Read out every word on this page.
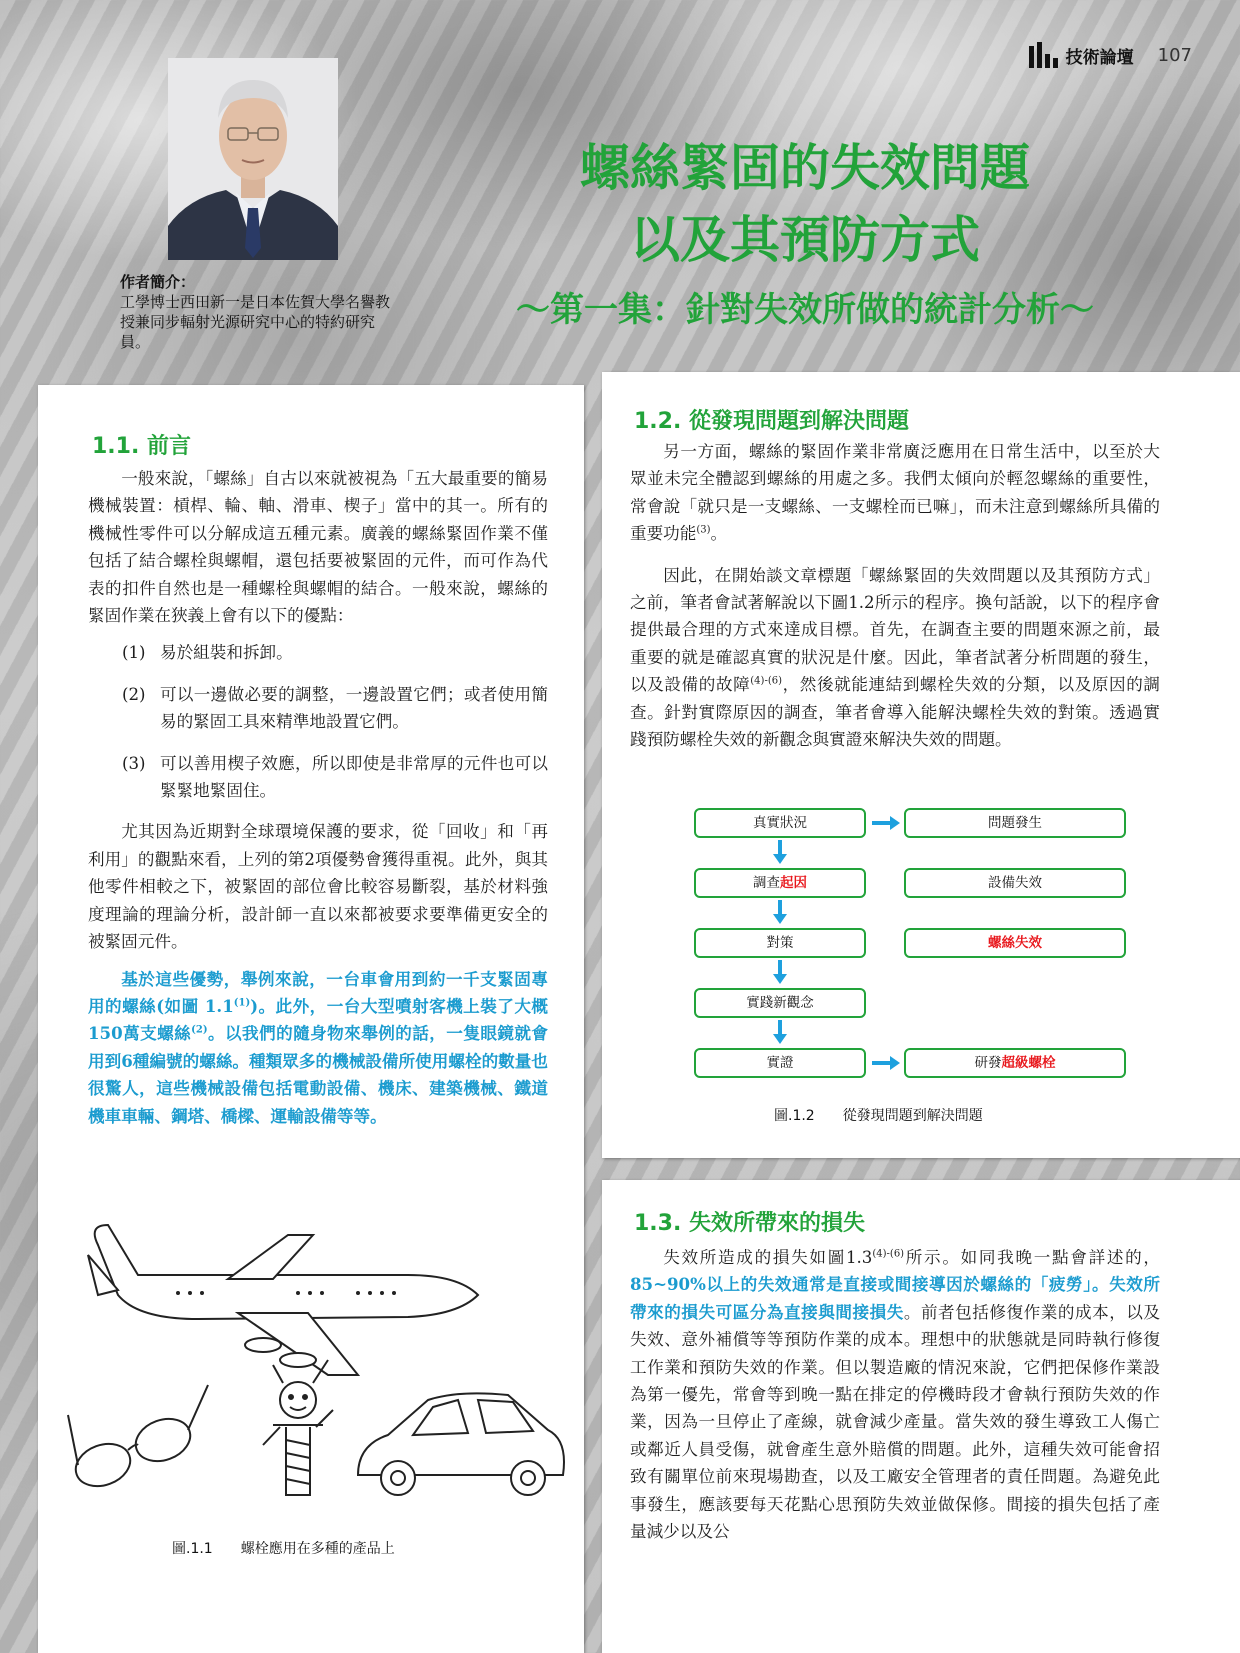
技術論壇 107
作者簡介：
工學博士西田新一是日本佐賀大學名譽教授兼同步輻射光源研究中心的特約研究員。
螺絲緊固的失效問題
以及其預防方式
～第一集：針對失效所做的統計分析～
1.1. 前言

一般來說，「螺絲」自古以來就被視為「五大最重要的簡易機械裝置：槓桿、輪、軸、滑車、楔子」當中的其一。所有的機械性零件可以分解成這五種元素。廣義的螺絲緊固作業不僅包括了結合螺栓與螺帽，還包括要被緊固的元件，而可作為代表的扣件自然也是一種螺栓與螺帽的結合。一般來說，螺絲的緊固作業在狹義上會有以下的優點：

(1) 易於組裝和拆卸。
(2) 可以一邊做必要的調整，一邊設置它們；或者使用簡易的緊固工具來精準地設置它們。
(3) 可以善用楔子效應，所以即使是非常厚的元件也可以緊緊地緊固住。

尤其因為近期對全球環境保護的要求，從「回收」和「再利用」的觀點來看，上列的第2項優勢會獲得重視。此外，與其他零件相較之下，被緊固的部位會比較容易斷裂，基於材料強度理論的理論分析，設計師一直以來都被要求要準備更安全的被緊固元件。

基於這些優勢，舉例來說，一台車會用到約一千支緊固專用的螺絲(如圖 1.1$^{(1)}$)。此外，一台大型噴射客機上裝了大概150萬支螺絲$^{(2)}$。以我們的隨身物來舉例的話，一隻眼鏡就會用到6種編號的螺絲。種類眾多的機械設備所使用螺栓的數量也很驚人，這些機械設備包括電動設備、機床、建築機械、鐵道機車車輛、鋼塔、橋樑、運輸設備等等。

圖.1.1 螺栓應用在多種的產品上
1.2. 從發現問題到解決問題

另一方面，螺絲的緊固作業非常廣泛應用在日常生活中，以至於大眾並未完全體認到螺絲的用處之多。我們太傾向於輕忽螺絲的重要性，常會說「就只是一支螺絲、一支螺栓而已嘛」，而未注意到螺絲所具備的重要功能$^{(3)}$。

因此，在開始談文章標題「螺絲緊固的失效問題以及其預防方式」之前，筆者會試著解說以下圖1.2所示的程序。換句話說，以下的程序會提供最合理的方式來達成目標。首先，在調查主要的問題來源之前，最重要的就是確認真實的狀況是什麼。因此，筆者試著分析問題的發生，以及設備的故障$^{(4)-(6)}$，然後就能連結到螺栓失效的分類，以及原因的調查。針對實際原因的調查，筆者會導入能解決螺栓失效的對策。透過實踐預防螺栓失效的新觀念與實證來解決失效的問題。

真實狀況
調查起因
對策
實踐新觀念
實證
問題發生
設備失效
螺絲失效
研發超級螺栓
圖.1.2 從發現問題到解決問題
1.3. 失效所帶來的損失

失效所造成的損失如圖$1.3^{(4)-(6)}$所示。如同我晚一點會詳述的，85~90%以上的失效通常是直接或間接導因於螺絲的「疲勞」。失效所帶來的損失可區分為直接與間接損失。前者包括修復作業的成本，以及失效、意外補償等等預防作業的成本。理想中的狀態就是同時執行修復工作業和預防失效的作業。但以製造廠的情況來說，它們把保修作業設為第一優先，常會等到晚一點在排定的停機時段才會執行預防失效的作業，因為一旦停止了產線，就會減少產量。當失效的發生導致工人傷亡或鄰近人員受傷，就會產生意外賠償的問題。此外，這種失效可能會招致有關單位前來現場勘查，以及工廠安全管理者的責任問題。為避免此事發生，應該要每天花點心思預防失效並做保修。間接的損失包括了產量減少以及公
